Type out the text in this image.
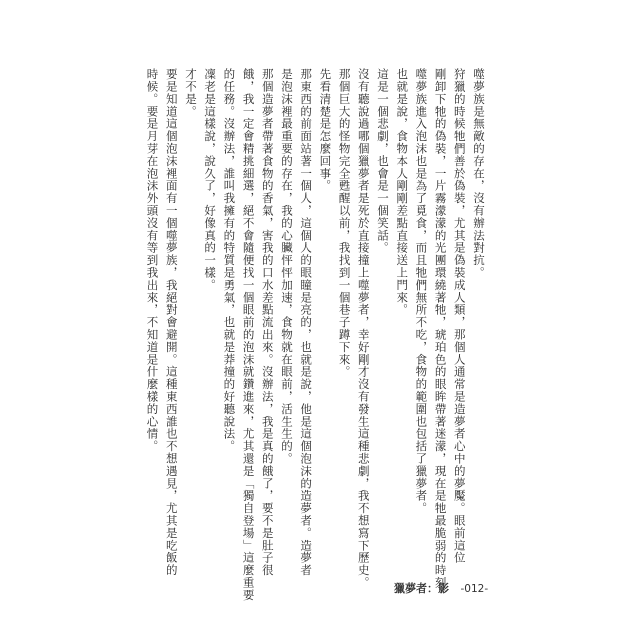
噬夢族是無敵的存在，沒有辦法對抗。
狩獵的時候牠們善於偽裝，尤其是偽裝成人類，那個人通常是造夢者心中的夢魘。眼前這位
剛卸下牠的偽裝，一片霧濛濛的光團環繞著牠，琥珀色的眼眸帶著迷濛，現在是牠最脆弱的時刻。
噬夢族進入泡沫也是為了覓食，而且牠們無所不吃，食物的範圍也包括了獵夢者。
也就是說，食物本人剛剛差點直接送上門來。
這是一個悲劇，也會是一個笑話。
沒有聽說過哪個獵夢者是死於直接撞上噬夢者，幸好剛才沒有發生這種悲劇，我不想寫下歷史。
那個巨大的怪物完全甦醒以前，我找到一個巷子蹲下來。
先看清楚是怎麼回事。
那東西的前面站著一個人，這個人的眼瞳是亮的，也就是說，他是這個泡沫的造夢者。造夢者
是泡沫裡最重要的存在，我的心臟怦怦加速，食物就在眼前，活生生的。
那個造夢者帶著食物的香氣，害我的口水差點流出來。沒辦法，我是真的餓了，要不是肚子很
餓，我一定會精挑細選，絕不會隨便找一個眼前的泡沫就鑽進來，尤其還是「獨自登場」這麼重要
的任務。沒辦法，誰叫我擁有的特質是勇氣，也就是莽撞的好聽說法。
凜老是這樣說，說久了，好像真的一樣。
才不是。
要是知道這個泡沫裡面有一個噬夢族，我絕對會避開。這種東西誰也不想遇見，尤其是吃飯的
時候。要是月芽在泡沫外頭沒有等到我出來，不知道是什麼樣的心情。
獵夢者：影 -012-
